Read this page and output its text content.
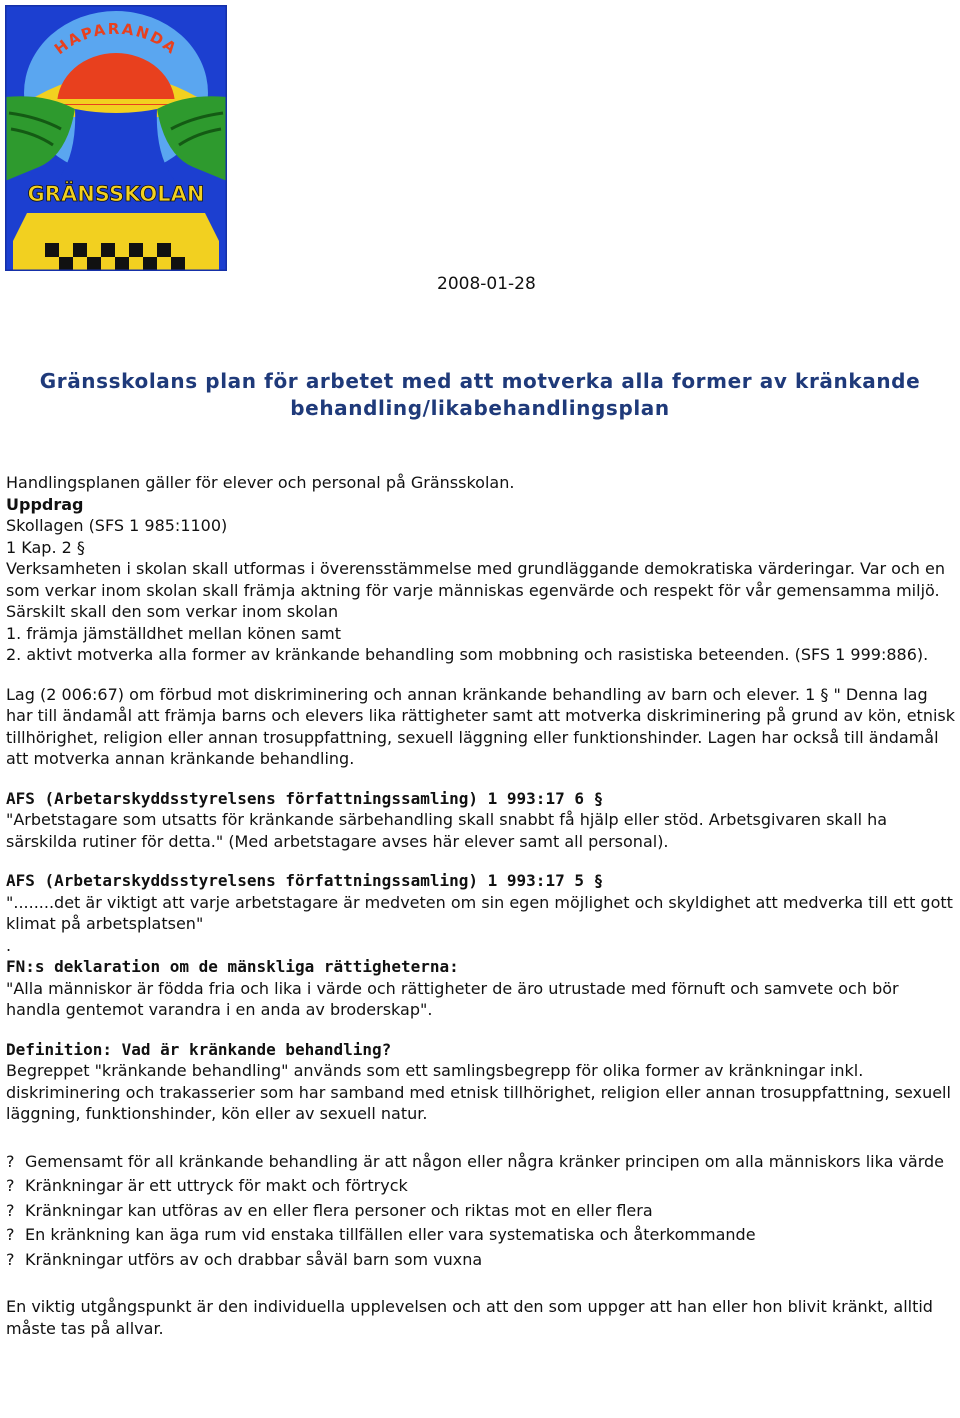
HAPARANDA
GRÄNSSKOLAN
2008-01-28
Gränsskolans plan för arbetet med att motverka alla former av kränkande
behandling/likabehandlingsplan

Handlingsplanen gäller för elever och personal på Gränsskolan.

Uppdrag

Skollagen (SFS 1 985:1100)

1 Kap. 2 §

Verksamheten i skolan skall utformas i överensstämmelse med grundläggande demokratiska värderingar. Var och en som verkar inom skolan skall främja aktning för varje människas egenvärde och respekt för vår gemensamma miljö. Särskilt skall den som verkar inom skolan

1. främja jämställdhet mellan könen samt

2. aktivt motverka alla former av kränkande behandling som mobbning och rasistiska beteenden. (SFS 1 999:886).

Lag (2 006:67) om förbud mot diskriminering och annan kränkande behandling av barn och elever. 1 § " Denna lag har till ändamål att främja barns och elevers lika rättigheter samt att motverka diskriminering på grund av kön, etnisk tillhörighet, religion eller annan trosuppfattning, sexuell läggning eller funktionshinder. Lagen har också till ändamål att motverka annan kränkande behandling.

AFS (Arbetarskyddsstyrelsens författningssamling) 1 993:17 6 §

"Arbetstagare som utsatts för kränkande särbehandling skall snabbt få hjälp eller stöd. Arbetsgivaren skall ha särskilda rutiner för detta." (Med arbetstagare avses här elever samt all personal).

AFS (Arbetarskyddsstyrelsens författningssamling) 1 993:17 5 §

"........det är viktigt att varje arbetstagare är medveten om sin egen möjlighet och skyldighet att medverka till ett gott klimat på arbetsplatsen"

.

FN:s deklaration om de mänskliga rättigheterna:

"Alla människor är födda fria och lika i värde och rättigheter de äro utrustade med förnuft och samvete och bör handla gentemot varandra i en anda av broderskap".

Definition: Vad är kränkande behandling?

Begreppet "kränkande behandling" används som ett samlingsbegrepp för olika former av kränkningar inkl. diskriminering och trakasserier som har samband med etnisk tillhörighet, religion eller annan trosuppfattning, sexuell läggning, funktionshinder, kön eller av sexuell natur.

? Gemensamt för all kränkande behandling är att någon eller några kränker principen om alla människors lika värde
? Kränkningar är ett uttryck för makt och förtryck
? Kränkningar kan utföras av en eller flera personer och riktas mot en eller flera
? En kränkning kan äga rum vid enstaka tillfällen eller vara systematiska och återkommande
? Kränkningar utförs av och drabbar såväl barn som vuxna

En viktig utgångspunkt är den individuella upplevelsen och att den som uppger att han eller hon blivit kränkt, alltid måste tas på allvar.
